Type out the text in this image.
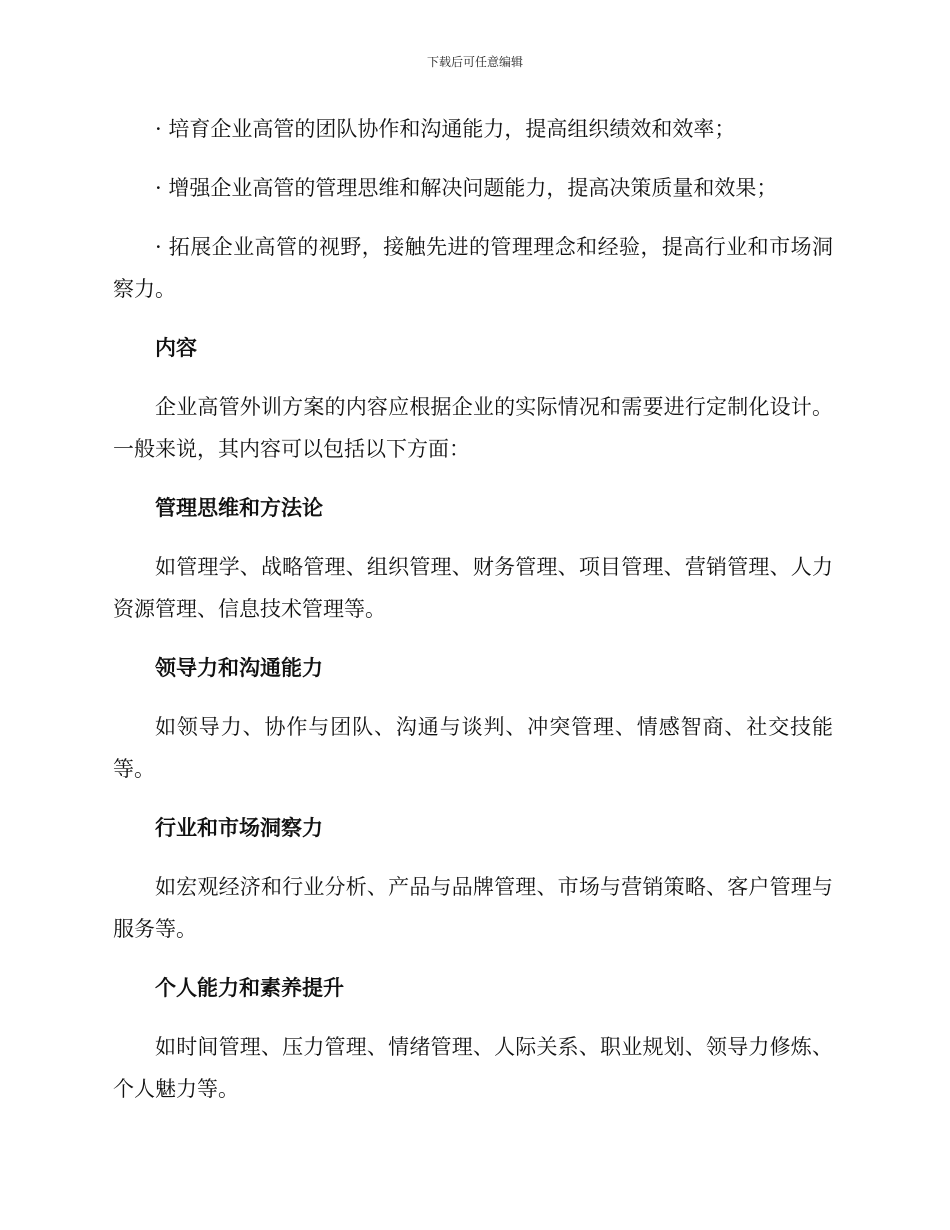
下载后可任意编辑

· 培育企业高管的团队协作和沟通能力，提高组织绩效和效率；

· 增强企业高管的管理思维和解决问题能力，提高决策质量和效果；

· 拓展企业高管的视野，接触先进的管理理念和经验，提高行业和市场洞察力。

内容

企业高管外训方案的内容应根据企业的实际情况和需要进行定制化设计。一般来说，其内容可以包括以下方面：

管理思维和方法论

如管理学、战略管理、组织管理、财务管理、项目管理、营销管理、人力资源管理、信息技术管理等。

领导力和沟通能力

如领导力、协作与团队、沟通与谈判、冲突管理、情感智商、社交技能等。

行业和市场洞察力

如宏观经济和行业分析、产品与品牌管理、市场与营销策略、客户管理与服务等。

个人能力和素养提升

如时间管理、压力管理、情绪管理、人际关系、职业规划、领导力修炼、个人魅力等。
